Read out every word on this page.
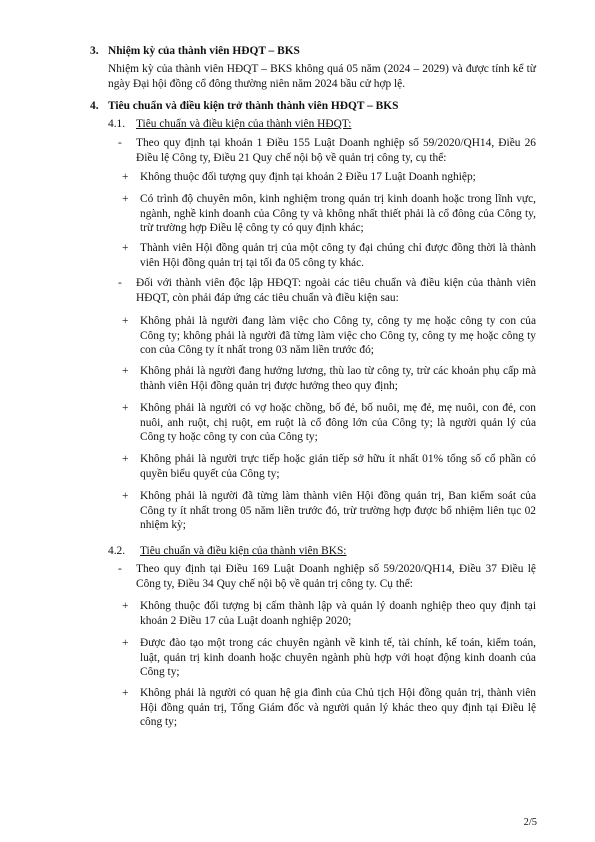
3. Nhiệm kỳ của thành viên HĐQT – BKS

Nhiệm kỳ của thành viên HĐQT – BKS không quá 05 năm (2024 – 2029) và được tính kể từ ngày Đại hội đồng cổ đông thường niên năm 2024 bầu cử hợp lệ.

4. Tiêu chuẩn và điều kiện trở thành thành viên HĐQT – BKS

4.1. Tiêu chuẩn và điều kiện của thành viên HĐQT:

- Theo quy định tại khoản 1 Điều 155 Luật Doanh nghiệp số 59/2020/QH14, Điều 26 Điều lệ Công ty, Điều 21 Quy chế nội bộ về quản trị công ty, cụ thể:

+ Không thuộc đối tượng quy định tại khoản 2 Điều 17 Luật Doanh nghiệp;

+ Có trình độ chuyên môn, kinh nghiệm trong quản trị kinh doanh hoặc trong lĩnh vực, ngành, nghề kinh doanh của Công ty và không nhất thiết phải là cổ đông của Công ty, trừ trường hợp Điều lệ công ty có quy định khác;

+ Thành viên Hội đồng quản trị của một công ty đại chúng chỉ được đồng thời là thành viên Hội đồng quản trị tại tối đa 05 công ty khác.

- Đối với thành viên độc lập HĐQT: ngoài các tiêu chuẩn và điều kiện của thành viên HĐQT, còn phải đáp ứng các tiêu chuẩn và điều kiện sau:

+ Không phải là người đang làm việc cho Công ty, công ty mẹ hoặc công ty con của Công ty; không phải là người đã từng làm việc cho Công ty, công ty mẹ hoặc công ty con của Công ty ít nhất trong 03 năm liền trước đó;

+ Không phải là người đang hưởng lương, thù lao từ công ty, trừ các khoản phụ cấp mà thành viên Hội đồng quản trị được hưởng theo quy định;

+ Không phải là người có vợ hoặc chồng, bố đẻ, bố nuôi, mẹ đẻ, mẹ nuôi, con đẻ, con nuôi, anh ruột, chị ruột, em ruột là cổ đông lớn của Công ty; là người quản lý của Công ty hoặc công ty con của Công ty;

+ Không phải là người trực tiếp hoặc gián tiếp sở hữu ít nhất 01% tổng số cổ phần có quyền biểu quyết của Công ty;

+ Không phải là người đã từng làm thành viên Hội đồng quản trị, Ban kiểm soát của Công ty ít nhất trong 05 năm liền trước đó, trừ trường hợp được bổ nhiệm liên tục 02 nhiệm kỳ;

4.2. Tiêu chuẩn và điều kiện của thành viên BKS:

- Theo quy định tại Điều 169 Luật Doanh nghiệp số 59/2020/QH14, Điều 37 Điều lệ Công ty, Điều 34 Quy chế nội bộ về quản trị công ty. Cụ thể:

+ Không thuộc đối tượng bị cấm thành lập và quản lý doanh nghiệp theo quy định tại khoản 2 Điều 17 của Luật doanh nghiệp 2020;

+ Được đào tạo một trong các chuyên ngành về kinh tế, tài chính, kế toán, kiểm toán, luật, quản trị kinh doanh hoặc chuyên ngành phù hợp với hoạt động kinh doanh của Công ty;

+ Không phải là người có quan hệ gia đình của Chủ tịch Hội đồng quản trị, thành viên Hội đồng quản trị, Tổng Giám đốc và người quản lý khác theo quy định tại Điều lệ công ty;

2/5
